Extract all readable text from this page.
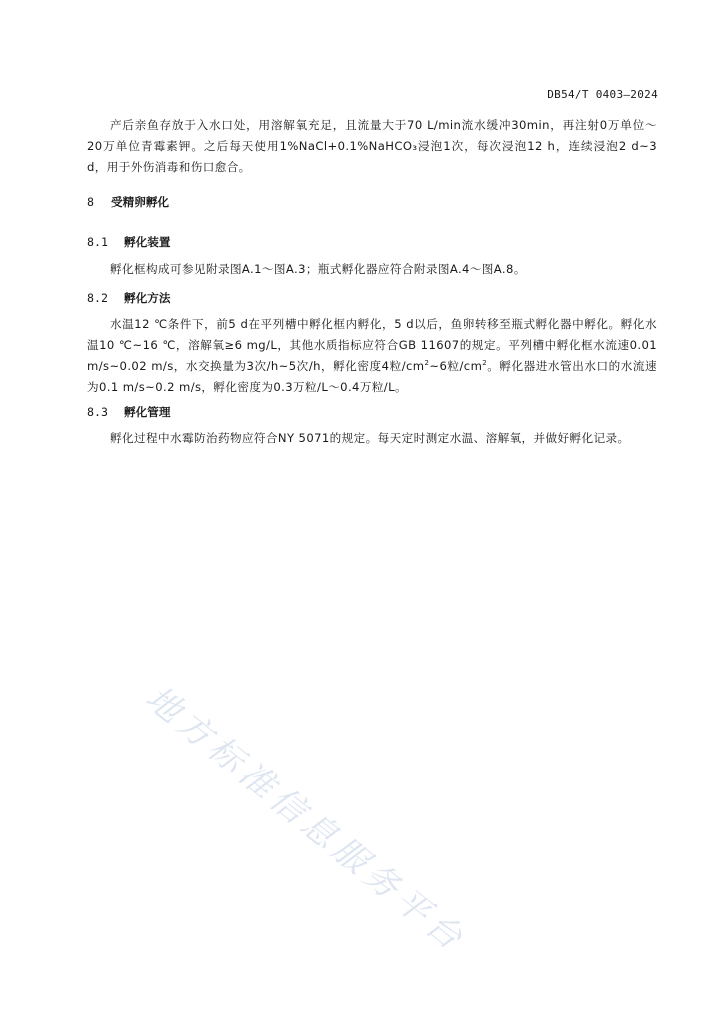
DB54/T 0403—2024

产后亲鱼存放于入水口处，用溶解氧充足，且流量大于70 L/min流水缓冲30min，再注射0万单位～20万单位青霉素钾。之后每天使用1%NaCl+0.1%NaHCO₃浸泡1次，每次浸泡12 h，连续浸泡2 d~3 d，用于外伤消毒和伤口愈合。

8 受精卵孵化
8.1 孵化装置

孵化框构成可参见附录图A.1～图A.3；瓶式孵化器应符合附录图A.4～图A.8。

8.2 孵化方法

水温12 ℃条件下，前5 d在平列槽中孵化框内孵化，5 d以后，鱼卵转移至瓶式孵化器中孵化。孵化水温10 ℃~16 ℃，溶解氧≥6 mg/L，其他水质指标应符合GB 11607的规定。平列槽中孵化框水流速0.01 m/s~0.02 m/s，水交换量为3次/h~5次/h，孵化密度4粒$/cm^2\sim 6$粒$/cm^2$。孵化器进水管出水口的水流速为0.1 m/s~0.2 m/s，孵化密度为0.3万粒/L～0.4万粒/L。

8.3 孵化管理

孵化过程中水霉防治药物应符合NY 5071的规定。每天定时测定水温、溶解氧，并做好孵化记录。

地方标准信息服务平台
